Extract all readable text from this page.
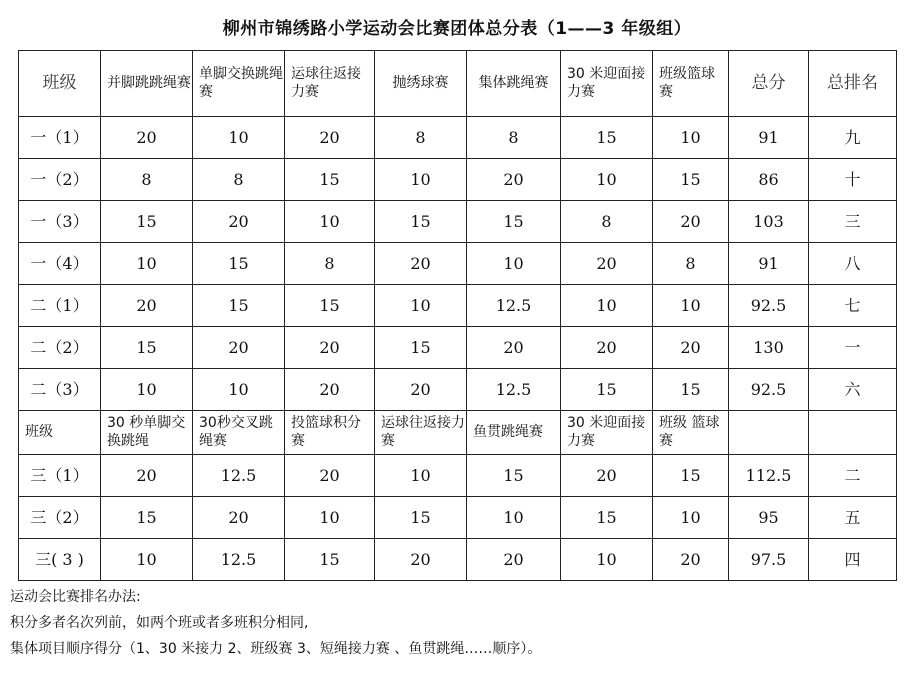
柳州市锦绣路小学运动会比赛团体总分表（1——3 年级组）
班级	并脚跳跳绳赛	单脚交换跳绳赛	运球往返接力赛	抛绣球赛	集体跳绳赛	30 米迎面接力赛	班级篮球赛	总分	总排名
一（1）	20	10	20	8	8	15	10	91	九
一（2）	8	8	15	10	20	10	15	86	十
一（3）	15	20	10	15	15	8	20	103	三
一（4）	10	15	8	20	10	20	8	91	八
二（1）	20	15	15	10	12.5	10	10	92.5	七
二（2）	15	20	20	15	20	20	20	130	一
二（3）	10	10	20	20	12.5	15	15	92.5	六
班级	30 秒单脚交换跳绳	30秒交叉跳绳赛	投篮球积分赛	运球往返接力赛	鱼贯跳绳赛	30 米迎面接力赛	班级 篮球赛		
三（1）	20	12.5	20	10	15	20	15	112.5	二
三（2）	15	20	10	15	10	15	10	95	五
三( 3 )	10	12.5	15	20	20	10	20	97.5	四
运动会比赛排名办法:
积分多者名次列前，如两个班或者多班积分相同,
集体项目顺序得分（1、30 米接力 2、班级赛 3、短绳接力赛 、鱼贯跳绳……顺序）。
